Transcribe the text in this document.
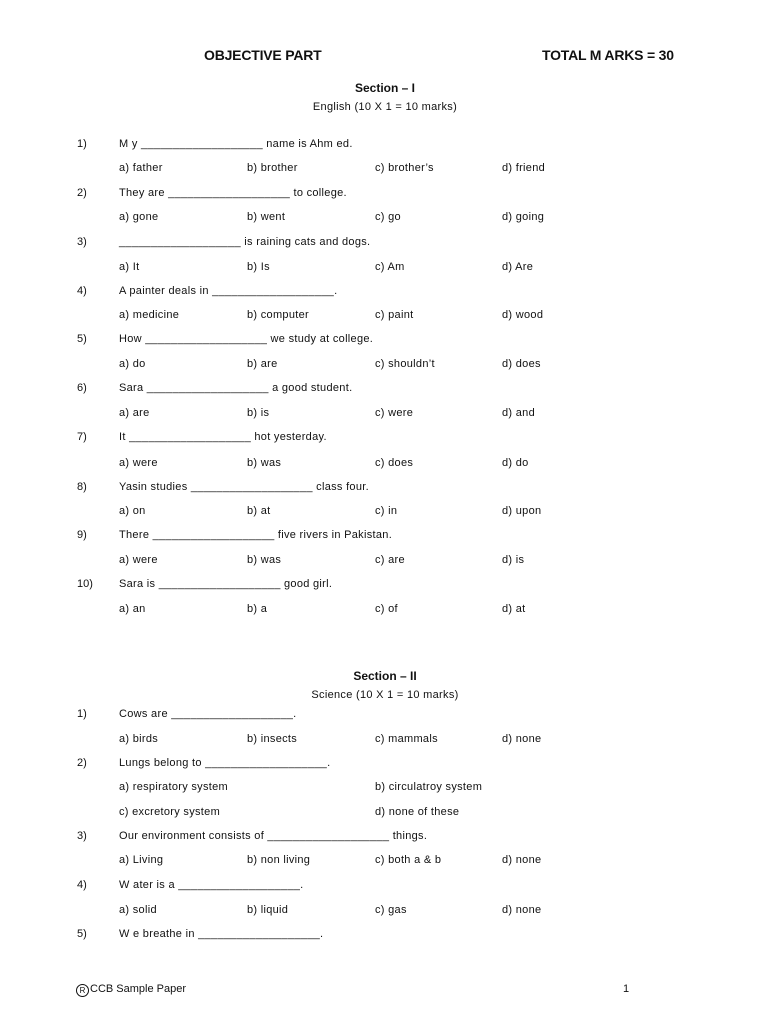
OBJECTIVE PART	TOTAL M ARKS = 30
Section – I
English (10 X 1 = 10 marks)
1)	M y ___________________ name is Ahm ed.
a) father	b) brother	c) brother’s	d) friend
2)	They are ___________________ to college.
a) gone	b) went	c) go	d) going
3)	___________________ is raining cats and dogs.
a) It	b) Is	c) Am	d) Are
4)	A painter deals in ___________________.
a) medicine	b) computer	c) paint	d) wood
5)	How ___________________ we study at college.
a) do	b) are	c) shouldn’t	d) does
6)	Sara ___________________ a good student.
a) are	b) is	c) were	d) and
7)	It ___________________ hot yesterday.
a) were	b) was	c) does	d) do
8)	Yasin studies ___________________ class four.
a) on	b) at	c) in	d) upon
9)	There ___________________ five rivers in Pakistan.
a) were	b) was	c) are	d) is
10) Sara is ___________________ good girl.
a) an	b) a	c) of	d) at
Section – II
Science (10 X 1 = 10 marks)
1)	Cows are ___________________.
a) birds	b) insects	c) mammals	d) none
2)	Lungs belong to ___________________.
a) respiratory system	b) circulatroy system
c) excretory system	d) none of these
3)	Our environment consists of ___________________ things.
a) Living	b) non living	c) both a & b	d) none
4)	W ater is a ___________________.
a) solid	b) liquid	c) gas	d) none
5)	W e breathe in ___________________.
R CCB Sample Paper	1
